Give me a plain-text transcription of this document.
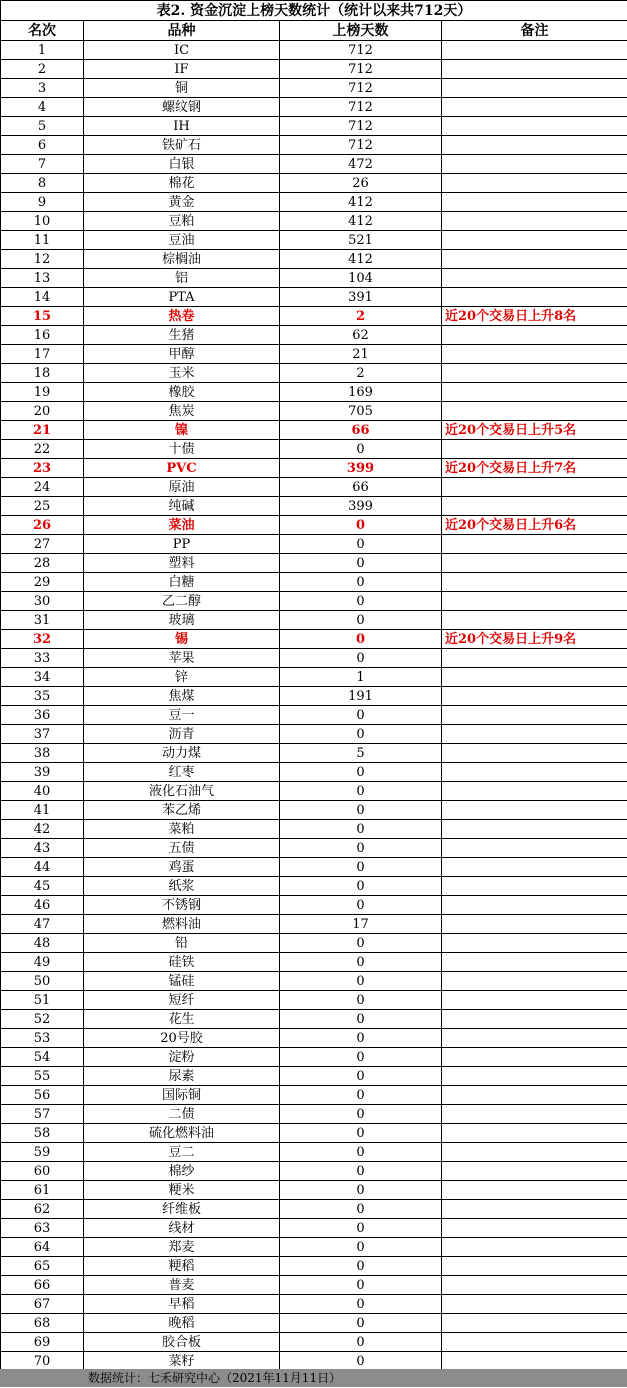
表2. 资金沉淀上榜天数统计（统计以来共712天）			
名次	品种	上榜天数	备注
1	IC	712	
2	IF	712	
3	铜	712	
4	螺纹钢	712	
5	IH	712	
6	铁矿石	712	
7	白银	472	
8	棉花	26	
9	黄金	412	
10	豆粕	412	
11	豆油	521	
12	棕榈油	412	
13	铝	104	
14	PTA	391	
15	热卷	2	近20个交易日上升8名
16	生猪	62	
17	甲醇	21	
18	玉米	2	
19	橡胶	169	
20	焦炭	705	
21	镍	66	近20个交易日上升5名
22	十债	0	
23	PVC	399	近20个交易日上升7名
24	原油	66	
25	纯碱	399	
26	菜油	0	近20个交易日上升6名
27	PP	0	
28	塑料	0	
29	白糖	0	
30	乙二醇	0	
31	玻璃	0	
32	锡	0	近20个交易日上升9名
33	苹果	0	
34	锌	1	
35	焦煤	191	
36	豆一	0	
37	沥青	0	
38	动力煤	5	
39	红枣	0	
40	液化石油气	0	
41	苯乙烯	0	
42	菜粕	0	
43	五债	0	
44	鸡蛋	0	
45	纸浆	0	
46	不锈钢	0	
47	燃料油	17	
48	铅	0	
49	硅铁	0	
50	锰硅	0	
51	短纤	0	
52	花生	0	
53	20号胶	0	
54	淀粉	0	
55	尿素	0	
56	国际铜	0	
57	二债	0	
58	硫化燃料油	0	
59	豆二	0	
60	棉纱	0	
61	粳米	0	
62	纤维板	0	
63	线材	0	
64	郑麦	0	
65	粳稻	0	
66	普麦	0	
67	早稻	0	
68	晚稻	0	
69	胶合板	0	
70	菜籽	0	
数据统计：七禾研究中心（2021年11月11日）
